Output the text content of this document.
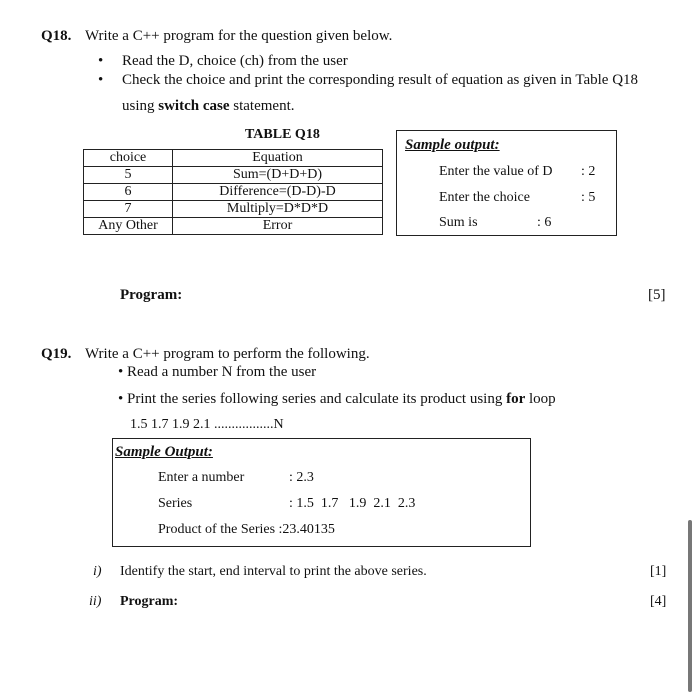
Q18. Write a C++ program for the question given below.
• Read the D, choice (ch) from the user
• Check the choice and print the corresponding result of equation as given in Table Q18
using switch case statement.
TABLE Q18
choice	Equation
5	Sum=(D+D+D)
6	Difference=(D-D)-D
7	Multiply=D*D*D
Any Other	Error
Sample output:
Enter the value of D : 2
Enter the choice	: 5
Sum is	: 6
Program:	[5]
Q19. Write a C++ program to perform the following.
• Read a number N from the user
• Print the series following series and calculate its product using for loop
1.5 1.7 1.9 2.1 .................N
Sample Output:
Enter a number	: 2.3
Series	: 1.5  1.7   1.9  2.1  2.3
Product of the Series :23.40135
i) Identify the start, end interval to print the above series.	[1]
ii) Program:	[4]
